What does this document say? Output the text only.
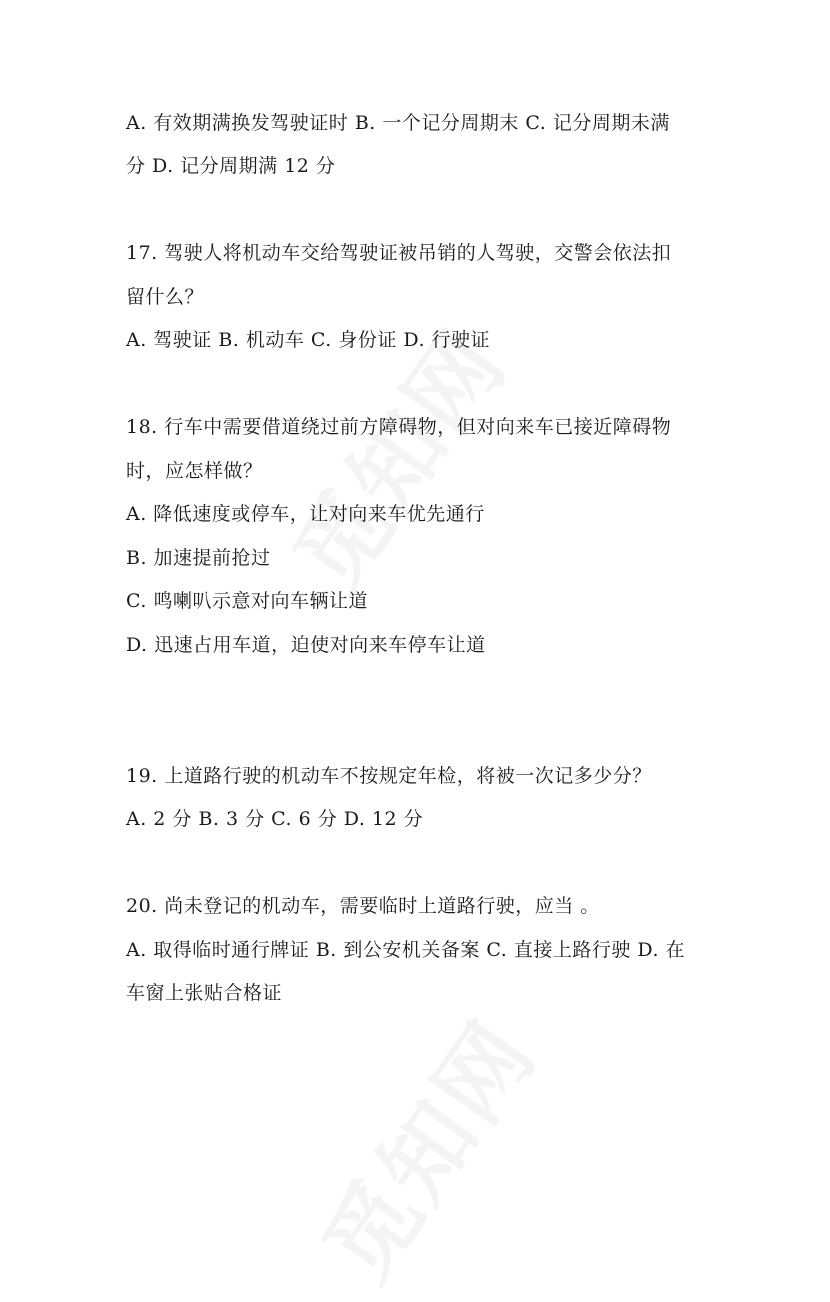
A. 有效期满换发驾驶证时 B. 一个记分周期末 C. 记分周期未满
分 D. 记分周期满 12 分
17. 驾驶人将机动车交给驾驶证被吊销的人驾驶，交警会依法扣
留什么？
A. 驾驶证 B. 机动车 C. 身份证 D. 行驶证
18. 行车中需要借道绕过前方障碍物，但对向来车已接近障碍物
时，应怎样做？
A. 降低速度或停车，让对向来车优先通行
B. 加速提前抢过
C. 鸣喇叭示意对向车辆让道
D. 迅速占用车道，迫使对向来车停车让道
19. 上道路行驶的机动车不按规定年检，将被一次记多少分？
A. 2 分 B. 3 分 C. 6 分 D. 12 分
20. 尚未登记的机动车，需要临时上道路行驶，应当 。
A. 取得临时通行牌证 B. 到公安机关备案 C. 直接上路行驶 D. 在
车窗上张贴合格证
